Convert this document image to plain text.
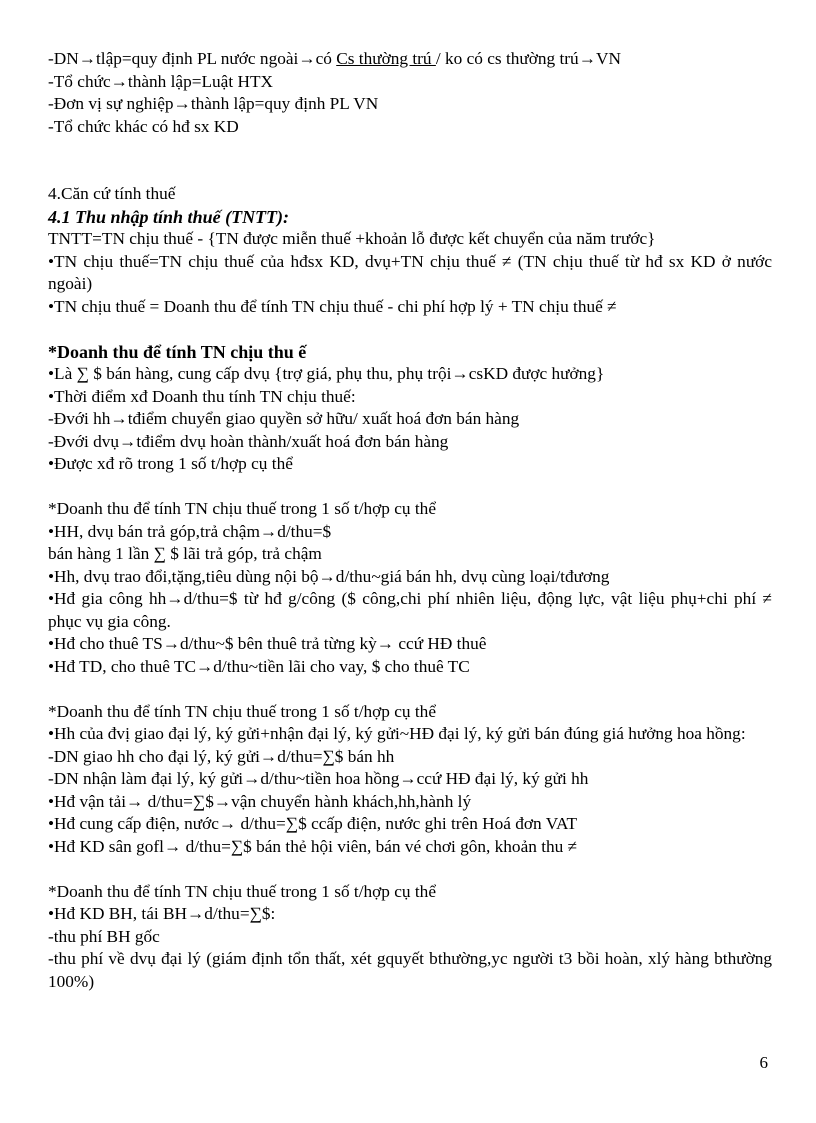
-DN→tlập=quy định PL nước ngoài→có Cs thường trú / ko có cs thường trú→VN
-Tổ chức→thành lập=Luật HTX
-Đơn vị sự nghiệp→thành lập=quy định PL VN
-Tổ chức khác có hđ sx KD
4.Căn cứ tính thuế
4.1 Thu nhập tính thuế (TNTT):
TNTT=TN chịu thuế - {TN được miễn thuế +khoản lỗ được kết chuyển của năm trước}
•TN chịu thuế=TN chịu thuế của hđsx KD, dvụ+TN chịu thuế ≠ (TN chịu thuế từ hđ sx KD ở nước ngoài)
•TN chịu thuế = Doanh thu để tính TN chịu thuế - chi phí hợp lý + TN chịu thuế ≠
*Doanh thu để tính TN chịu thu ế
•Là ∑ $ bán hàng, cung cấp dvụ {trợ giá, phụ thu, phụ trội→csKD được hưởng}
•Thời điểm xđ Doanh thu tính TN chịu thuế:
-Đvới hh→tđiểm chuyển giao quyền sở hữu/ xuất hoá đơn bán hàng
-Đvới dvụ→tđiểm dvụ hoàn thành/xuất hoá đơn bán hàng
•Được xđ rõ trong 1 số t/hợp cụ thể
*Doanh thu để tính TN chịu thuế trong 1 số t/hợp cụ thể
•HH, dvụ bán trả góp,trả chậm→d/thu=$
bán hàng 1 lần ∑ $ lãi trả góp, trả chậm
•Hh, dvụ trao đổi,tặng,tiêu dùng nội bộ→d/thu~giá bán hh, dvụ cùng loại/tđương
•Hđ gia công hh→d/thu=$ từ hđ g/công ($ công,chi phí nhiên liệu, động lực, vật liệu phụ+chi phí ≠ phục vụ gia công.
•Hđ cho thuê TS→d/thu~$ bên thuê trả từng kỳ→ ccứ HĐ thuê
•Hđ TD, cho thuê TC→d/thu~tiền lãi cho vay, $ cho thuê TC
*Doanh thu để tính TN chịu thuế trong 1 số t/hợp cụ thể
•Hh của đvị giao đại lý, ký gửi+nhận đại lý, ký gửi~HĐ đại lý, ký gửi bán đúng giá hưởng hoa hồng:
-DN giao hh cho đại lý, ký gửi→d/thu=∑$ bán hh
-DN nhận làm đại lý, ký gửi→d/thu~tiền hoa hồng→ccứ HĐ đại lý, ký gửi hh
•Hđ vận tải→ d/thu=∑$→vận chuyển hành khách,hh,hành lý
•Hđ cung cấp điện, nước→ d/thu=∑$ ccấp điện, nước ghi trên Hoá đơn VAT
•Hđ KD sân gofl→ d/thu=∑$ bán thẻ hội viên, bán vé chơi gôn, khoản thu ≠
*Doanh thu để tính TN chịu thuế trong 1 số t/hợp cụ thể
•Hđ KD BH, tái BH→d/thu=∑$:
-thu phí BH gốc
-thu phí về dvụ đại lý (giám định tổn thất, xét gquyết bthường,yc người t3 bồi hoàn, xlý hàng bthường 100%)
6
